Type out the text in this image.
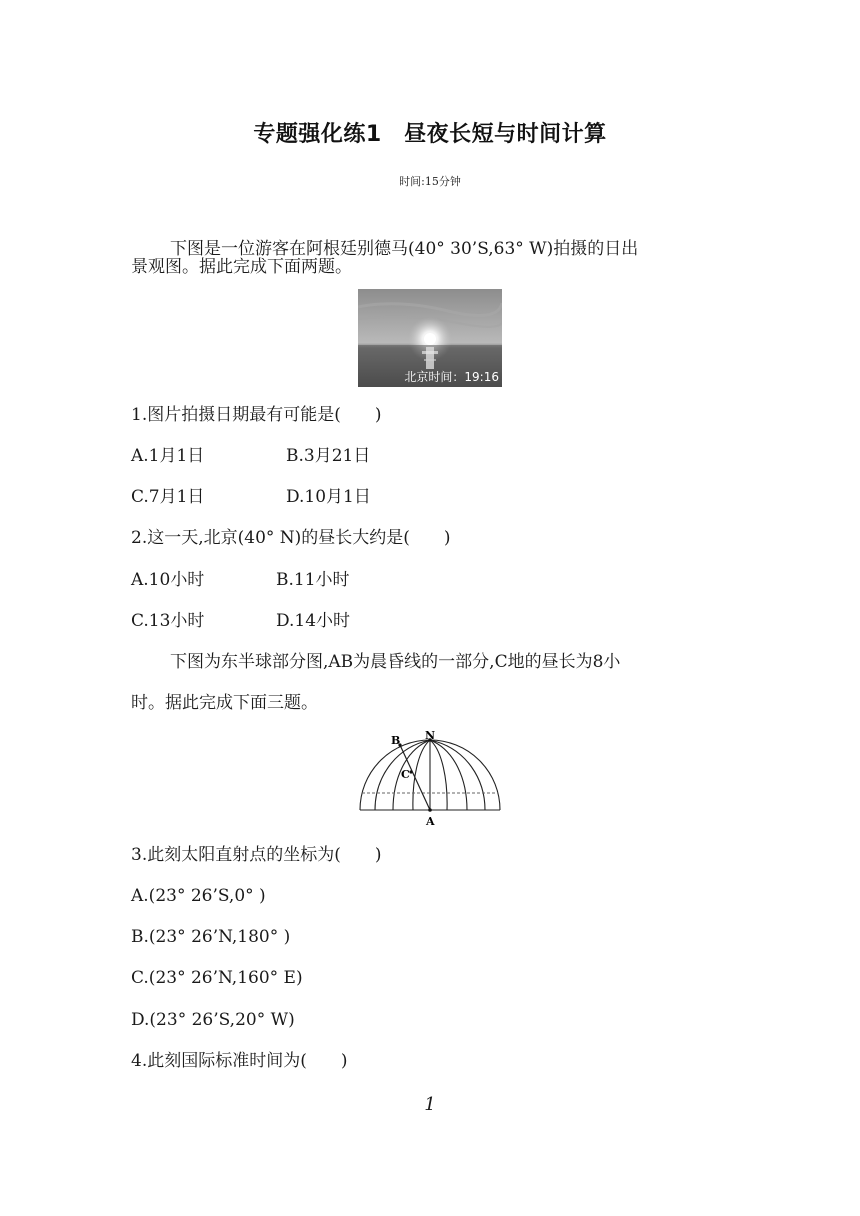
专题强化练1　昼夜长短与时间计算
时间:15分钟
下图是一位游客在阿根廷别德马(40° 30’S,63° W)拍摄的日出
景观图。据此完成下面两题。
北京时间：19:16
1.图片拍摄日期最有可能是(　　)
A.1月1日	B.3月21日
C.7月1日	D.10月1日
2.这一天,北京(40° N)的昼长大约是(　　)
A.10小时	B.11小时
C.13小时	D.14小时
下图为东半球部分图,AB为晨昏线的一部分,C地的昼长为8小
时。据此完成下面三题。
N
A
B
C
3.此刻太阳直射点的坐标为(　　)
A.(23° 26’S,0° )
B.(23° 26’N,180° )
C.(23° 26’N,160° E)
D.(23° 26’S,20° W)
4.此刻国际标准时间为(　　)
1
